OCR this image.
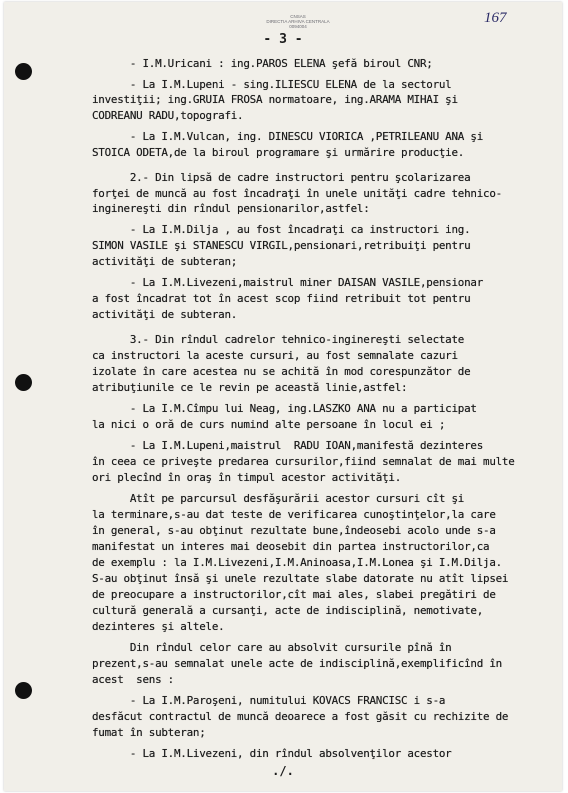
CNSAS
DIRECTIA ARHIVA CENTRALA
0094004
167
- 3 -
- I.M.Uricani : ing.PAROS ELENA şefă biroul CNR;
- La I.M.Lupeni - sing.ILIESCU ELENA de la sectorul
investiţii; ing.GRUIA FROSA normatoare, ing.ARAMA MIHAI şi
CODREANU RADU,topografi.
- La I.M.Vulcan, ing. DINESCU VIORICA ,PETRILEANU ANA şi
STOICA ODETA,de la biroul programare şi urmărire producţie.
2.- Din lipsă de cadre instructori pentru şcolarizarea
forţei de muncă au fost încadraţi în unele unităţi cadre tehnico-
inginereşti din rîndul pensionarilor,astfel:
- La I.M.Dilja , au fost încadraţi ca instructori ing.
SIMON VASILE şi STANESCU VIRGIL,pensionari,retribuiţi pentru
activităţi de subteran;
- La I.M.Livezeni,maistrul miner DAISAN VASILE,pensionar
a fost încadrat tot în acest scop fiind retribuit tot pentru
activităţi de subteran.
3.- Din rîndul cadrelor tehnico-inginereşti selectate
ca instructori la aceste cursuri, au fost semnalate cazuri
izolate în care acestea nu se achită în mod corespunzător de
atribuţiunile ce le revin pe această linie,astfel:
- La I.M.Cîmpu lui Neag, ing.LASZKO ANA nu a participat
la nici o oră de curs numind alte persoane în locul ei ;
- La I.M.Lupeni,maistrul  RADU IOAN,manifestă dezinteres
în ceea ce priveşte predarea cursurilor,fiind semnalat de mai multe
ori plecînd în oraş în timpul acestor activităţi.
Atît pe parcursul desfăşurării acestor cursuri cît şi
la terminare,s-au dat teste de verificarea cunoştinţelor,la care
în general, s-au obţinut rezultate bune,îndeosebi acolo unde s-a
manifestat un interes mai deosebit din partea instructorilor,ca
de exemplu : la I.M.Livezeni,I.M.Aninoasa,I.M.Lonea şi I.M.Dilja.
S-au obţinut însă şi unele rezultate slabe datorate nu atît lipsei
de preocupare a instructorilor,cît mai ales, slabei pregătiri de
cultură generală a cursanţi, acte de indisciplină, nemotivate,
dezinteres şi altele.
Din rîndul celor care au absolvit cursurile pînă în
prezent,s-au semnalat unele acte de indisciplină,exemplificînd în
acest  sens :
- La I.M.Paroşeni, numitului KOVACS FRANCISC i s-a
desfăcut contractul de muncă deoarece a fost găsit cu rechizite de
fumat în subteran;
- La I.M.Livezeni, din rîndul absolvenţilor acestor
./.
